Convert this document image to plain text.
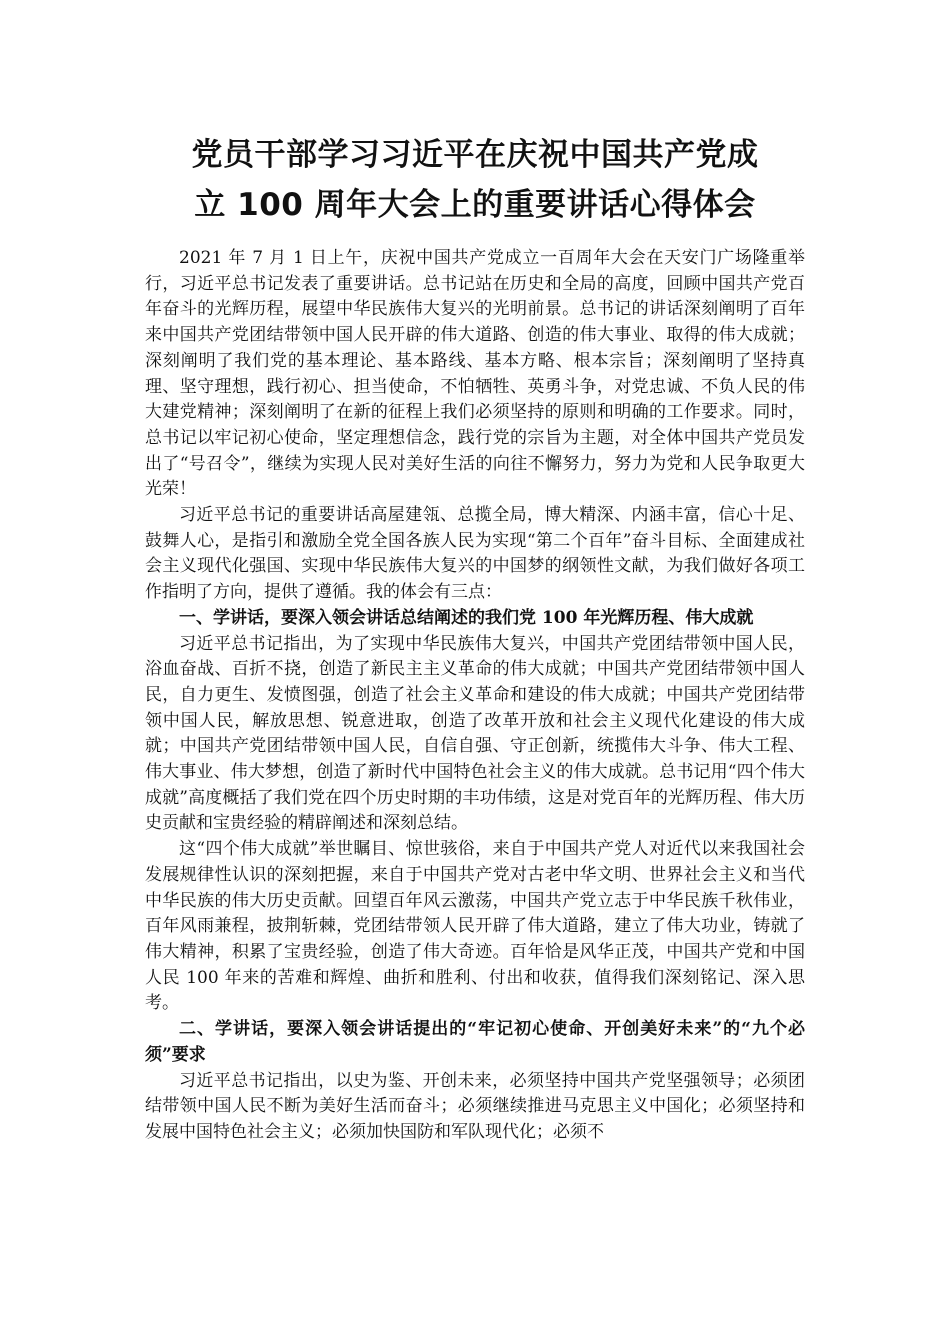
党员干部学习习近平在庆祝中国共产党成
立 100 周年大会上的重要讲话心得体会

2021 年 7 月 1 日上午，庆祝中国共产党成立一百周年大会在天安门广场隆重举行，习近平总书记发表了重要讲话。总书记站在历史和全局的高度，回顾中国共产党百年奋斗的光辉历程，展望中华民族伟大复兴的光明前景。总书记的讲话深刻阐明了百年来中国共产党团结带领中国人民开辟的伟大道路、创造的伟大事业、取得的伟大成就；深刻阐明了我们党的基本理论、基本路线、基本方略、根本宗旨；深刻阐明了坚持真理、坚守理想，践行初心、担当使命，不怕牺牲、英勇斗争，对党忠诚、不负人民的伟大建党精神；深刻阐明了在新的征程上我们必须坚持的原则和明确的工作要求。同时，总书记以牢记初心使命，坚定理想信念，践行党的宗旨为主题，对全体中国共产党员发出了“号召令”，继续为实现人民对美好生活的向往不懈努力，努力为党和人民争取更大光荣！

习近平总书记的重要讲话高屋建瓴、总揽全局，博大精深、内涵丰富，信心十足、鼓舞人心，是指引和激励全党全国各族人民为实现“第二个百年”奋斗目标、全面建成社会主义现代化强国、实现中华民族伟大复兴的中国梦的纲领性文献，为我们做好各项工作指明了方向，提供了遵循。我的体会有三点：

一、学讲话，要深入领会讲话总结阐述的我们党 100 年光辉历程、伟大成就

习近平总书记指出，为了实现中华民族伟大复兴，中国共产党团结带领中国人民，浴血奋战、百折不挠，创造了新民主主义革命的伟大成就；中国共产党团结带领中国人民，自力更生、发愤图强，创造了社会主义革命和建设的伟大成就；中国共产党团结带领中国人民，解放思想、锐意进取，创造了改革开放和社会主义现代化建设的伟大成就；中国共产党团结带领中国人民，自信自强、守正创新，统揽伟大斗争、伟大工程、伟大事业、伟大梦想，创造了新时代中国特色社会主义的伟大成就。总书记用“四个伟大成就”高度概括了我们党在四个历史时期的丰功伟绩，这是对党百年的光辉历程、伟大历史贡献和宝贵经验的精辟阐述和深刻总结。

这“四个伟大成就”举世瞩目、惊世骇俗，来自于中国共产党人对近代以来我国社会发展规律性认识的深刻把握，来自于中国共产党对古老中华文明、世界社会主义和当代中华民族的伟大历史贡献。回望百年风云激荡，中国共产党立志于中华民族千秋伟业，百年风雨兼程，披荆斩棘，党团结带领人民开辟了伟大道路，建立了伟大功业，铸就了伟大精神，积累了宝贵经验，创造了伟大奇迹。百年恰是风华正茂，中国共产党和中国人民 100 年来的苦难和辉煌、曲折和胜利、付出和收获，值得我们深刻铭记、深入思考。

二、学讲话，要深入领会讲话提出的“牢记初心使命、开创美好未来”的“九个必须”要求

习近平总书记指出，以史为鉴、开创未来，必须坚持中国共产党坚强领导；必须团结带领中国人民不断为美好生活而奋斗；必须继续推进马克思主义中国化；必须坚持和发展中国特色社会主义；必须加快国防和军队现代化；必须不
